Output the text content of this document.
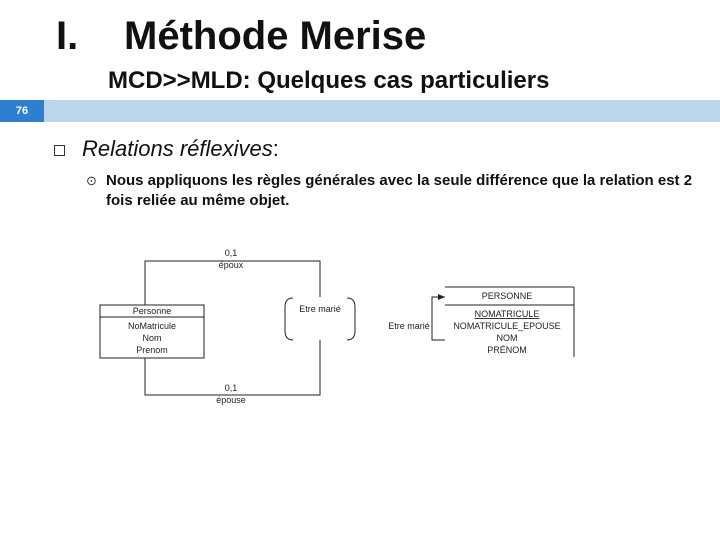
76
I. Méthode Merise
MCD>>MLD: Quelques cas particuliers
Relations réflexives:
⊙ Nous appliquons les règles générales avec la seule différence que la relation est 2 fois reliée au même objet.
Personne
NoMatricule
Nom
Prenom
0,1
époux
0,1
épouse
Etre marié
PERSONNE
NOMATRICULE
NOMATRICULE_EPOUSE
NOM
PRÉNOM
Etre marié
